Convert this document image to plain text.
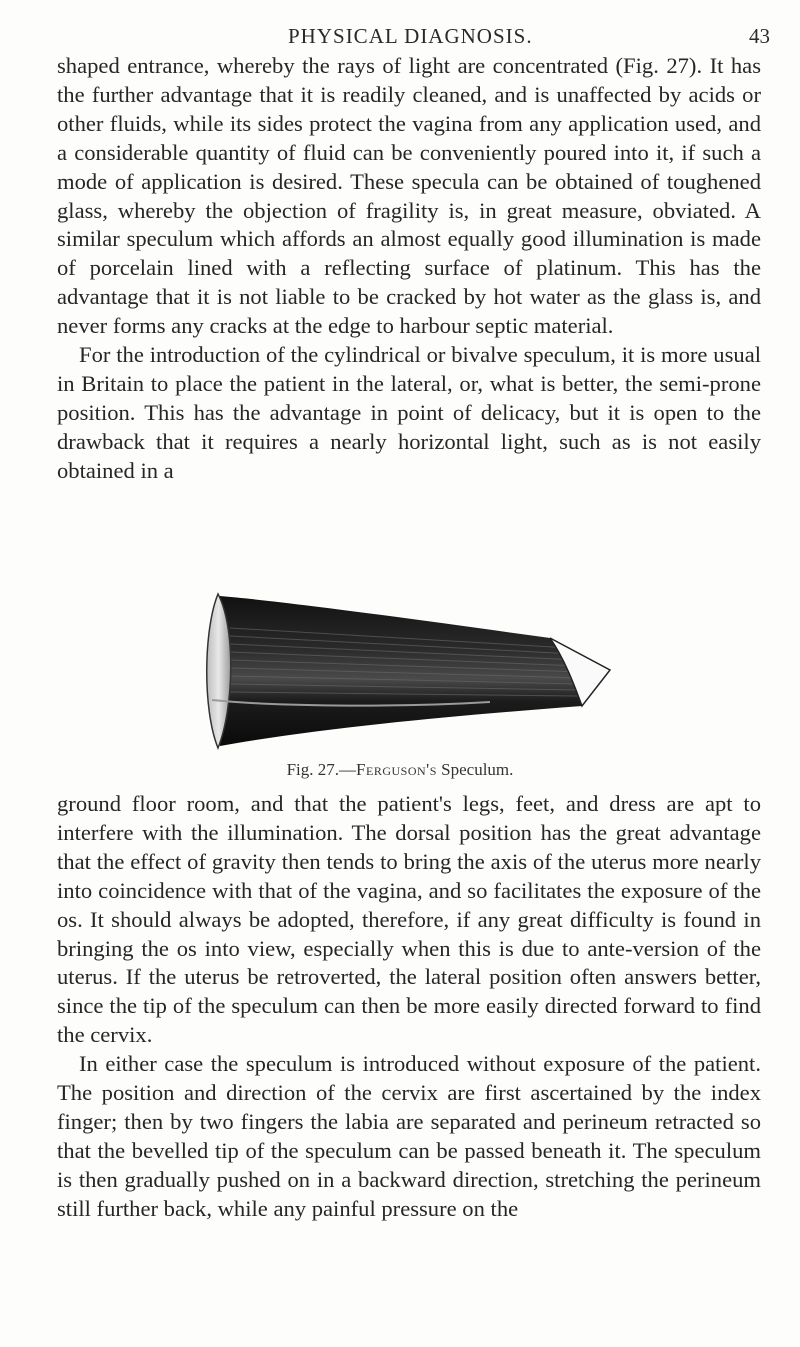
PHYSICAL DIAGNOSIS.	43

shaped entrance, whereby the rays of light are concentrated (Fig. 27). It has the further advantage that it is readily cleaned, and is unaffected by acids or other fluids, while its sides protect the vagina from any application used, and a considerable quantity of fluid can be conveniently poured into it, if such a mode of application is desired. These specula can be obtained of toughened glass, whereby the objection of fragility is, in great measure, obviated. A similar speculum which affords an almost equally good illumination is made of porcelain lined with a reflecting surface of platinum. This has the advantage that it is not liable to be cracked by hot water as the glass is, and never forms any cracks at the edge to harbour septic material.

For the introduction of the cylindrical or bivalve speculum, it is more usual in Britain to place the patient in the lateral, or, what is better, the semi-prone position. This has the advantage in point of delicacy, but it is open to the drawback that it requires a nearly horizontal light, such as is not easily obtained in a

Fig. 27.—Ferguson's Speculum.

ground floor room, and that the patient's legs, feet, and dress are apt to interfere with the illumination. The dorsal position has the great advantage that the effect of gravity then tends to bring the axis of the uterus more nearly into coincidence with that of the vagina, and so facilitates the exposure of the os. It should always be adopted, therefore, if any great difficulty is found in bringing the os into view, especially when this is due to ante-version of the uterus. If the uterus be retroverted, the lateral position often answers better, since the tip of the speculum can then be more easily directed forward to find the cervix.

In either case the speculum is introduced without exposure of the patient. The position and direction of the cervix are first ascertained by the index finger; then by two fingers the labia are separated and perineum retracted so that the bevelled tip of the speculum can be passed beneath it. The speculum is then gradually pushed on in a backward direction, stretching the perineum still further back, while any painful pressure on the
